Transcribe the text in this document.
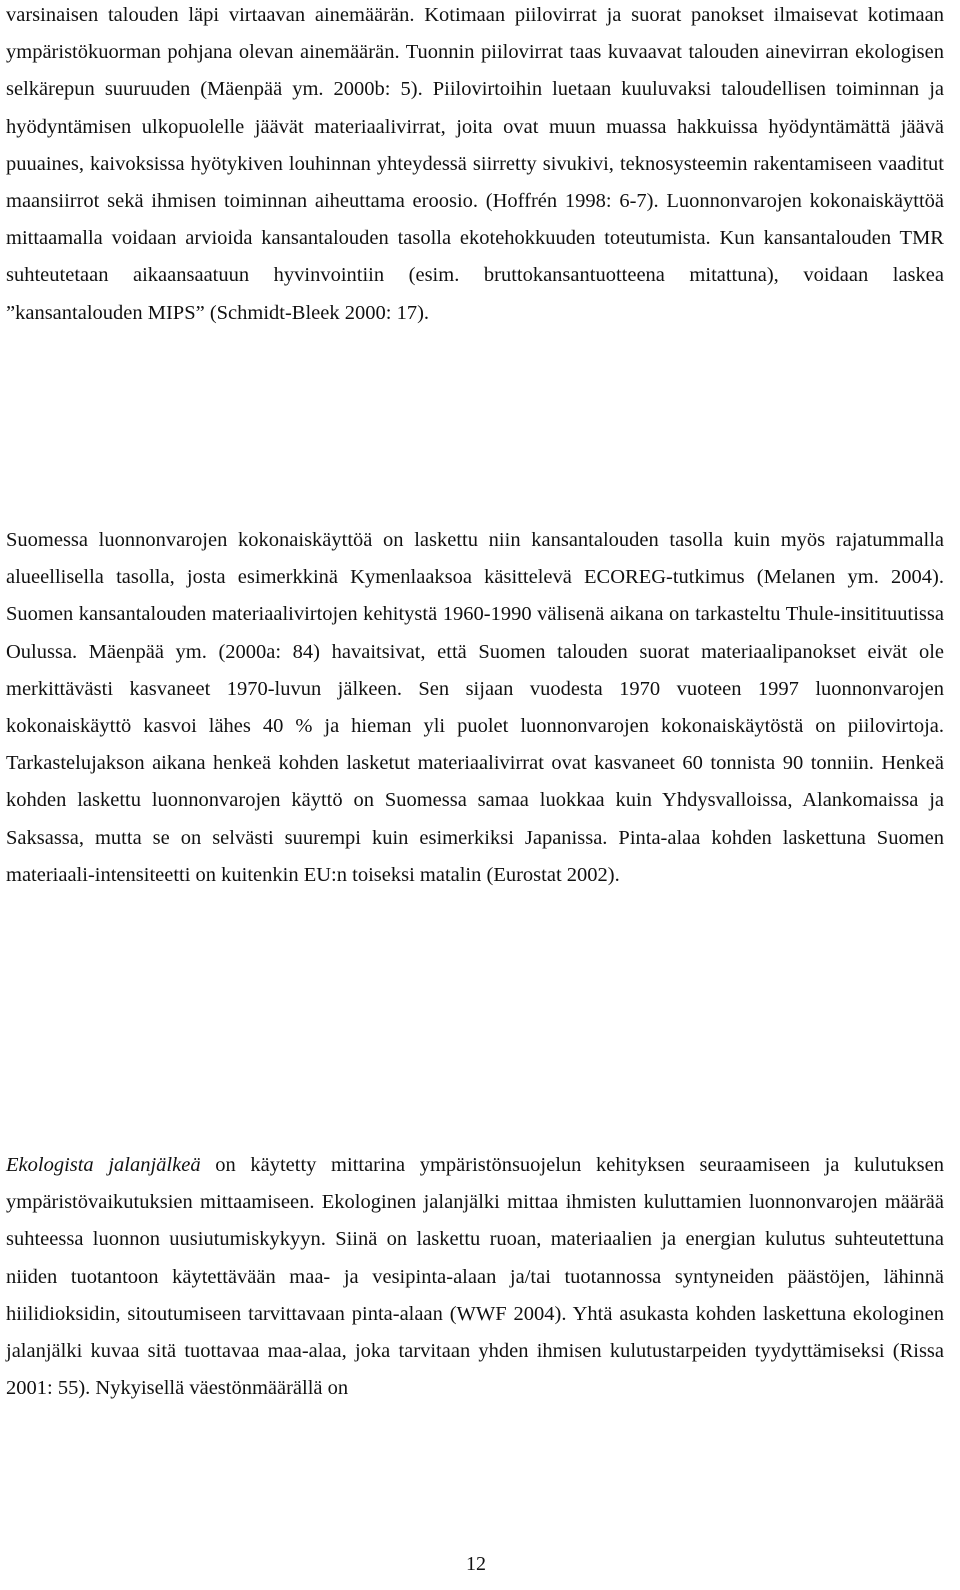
varsinaisen talouden läpi virtaavan ainemäärän. Kotimaan piilovirrat ja suorat panokset ilmaisevat kotimaan ympäristökuorman pohjana olevan ainemäärän. Tuonnin piilovirrat taas kuvaavat talouden ainevirran ekologisen selkärepun suuruuden (Mäenpää ym. 2000b: 5). Piilovirtoihin luetaan kuuluvaksi taloudellisen toiminnan ja hyödyntämisen ulkopuolelle jäävät materiaalivirrat, joita ovat muun muassa hakkuissa hyödyntämättä jäävä puuaines, kaivoksissa hyötykiven louhinnan yhteydessä siirretty sivukivi, teknosysteemin rakentamiseen vaaditut maansiirrot sekä ihmisen toiminnan aiheuttama eroosio. (Hoffrén 1998: 6-7). Luonnonvarojen kokonaiskäyttöä mittaamalla voidaan arvioida kansantalouden tasolla ekotehokkuuden toteutumista. Kun kansantalouden TMR suhteutetaan aikaansaatuun hyvinvointiin (esim. bruttokansantuotteena mitattuna), voidaan laskea ”kansantalouden MIPS” (Schmidt-Bleek 2000: 17).

Suomessa luonnonvarojen kokonaiskäyttöä on laskettu niin kansantalouden tasolla kuin myös rajatummalla alueellisella tasolla, josta esimerkkinä Kymenlaaksoa käsittelevä ECOREG-tutkimus (Melanen ym. 2004). Suomen kansantalouden materiaalivirtojen kehitystä 1960-1990 välisenä aikana on tarkasteltu Thule-insitituutissa Oulussa. Mäenpää ym. (2000a: 84) havaitsivat, että Suomen talouden suorat materiaalipanokset eivät ole merkittävästi kasvaneet 1970-luvun jälkeen. Sen sijaan vuodesta 1970 vuoteen 1997 luonnonvarojen kokonaiskäyttö kasvoi lähes 40 % ja hieman yli puolet luonnonvarojen kokonaiskäytöstä on piilovirtoja. Tarkastelujakson aikana henkeä kohden lasketut materiaalivirrat ovat kasvaneet 60 tonnista 90 tonniin. Henkeä kohden laskettu luonnonvarojen käyttö on Suomessa samaa luokkaa kuin Yhdysvalloissa, Alankomaissa ja Saksassa, mutta se on selvästi suurempi kuin esimerkiksi Japanissa. Pinta-alaa kohden laskettuna Suomen materiaali-intensiteetti on kuitenkin EU:n toiseksi matalin (Eurostat 2002).

Ekologista jalanjälkeä on käytetty mittarina ympäristönsuojelun kehityksen seuraamiseen ja kulutuksen ympäristövaikutuksien mittaamiseen. Ekologinen jalanjälki mittaa ihmisten kuluttamien luonnonvarojen määrää suhteessa luonnon uusiutumiskykyyn. Siinä on laskettu ruoan, materiaalien ja energian kulutus suhteutettuna niiden tuotantoon käytettävään maa- ja vesipinta-alaan ja/tai tuotannossa syntyneiden päästöjen, lähinnä hiilidioksidin, sitoutumiseen tarvittavaan pinta-alaan (WWF 2004). Yhtä asukasta kohden laskettuna ekologinen jalanjälki kuvaa sitä tuottavaa maa-alaa, joka tarvitaan yhden ihmisen kulutustarpeiden tyydyttämiseksi (Rissa 2001: 55). Nykyisellä väestönmäärällä on

12
